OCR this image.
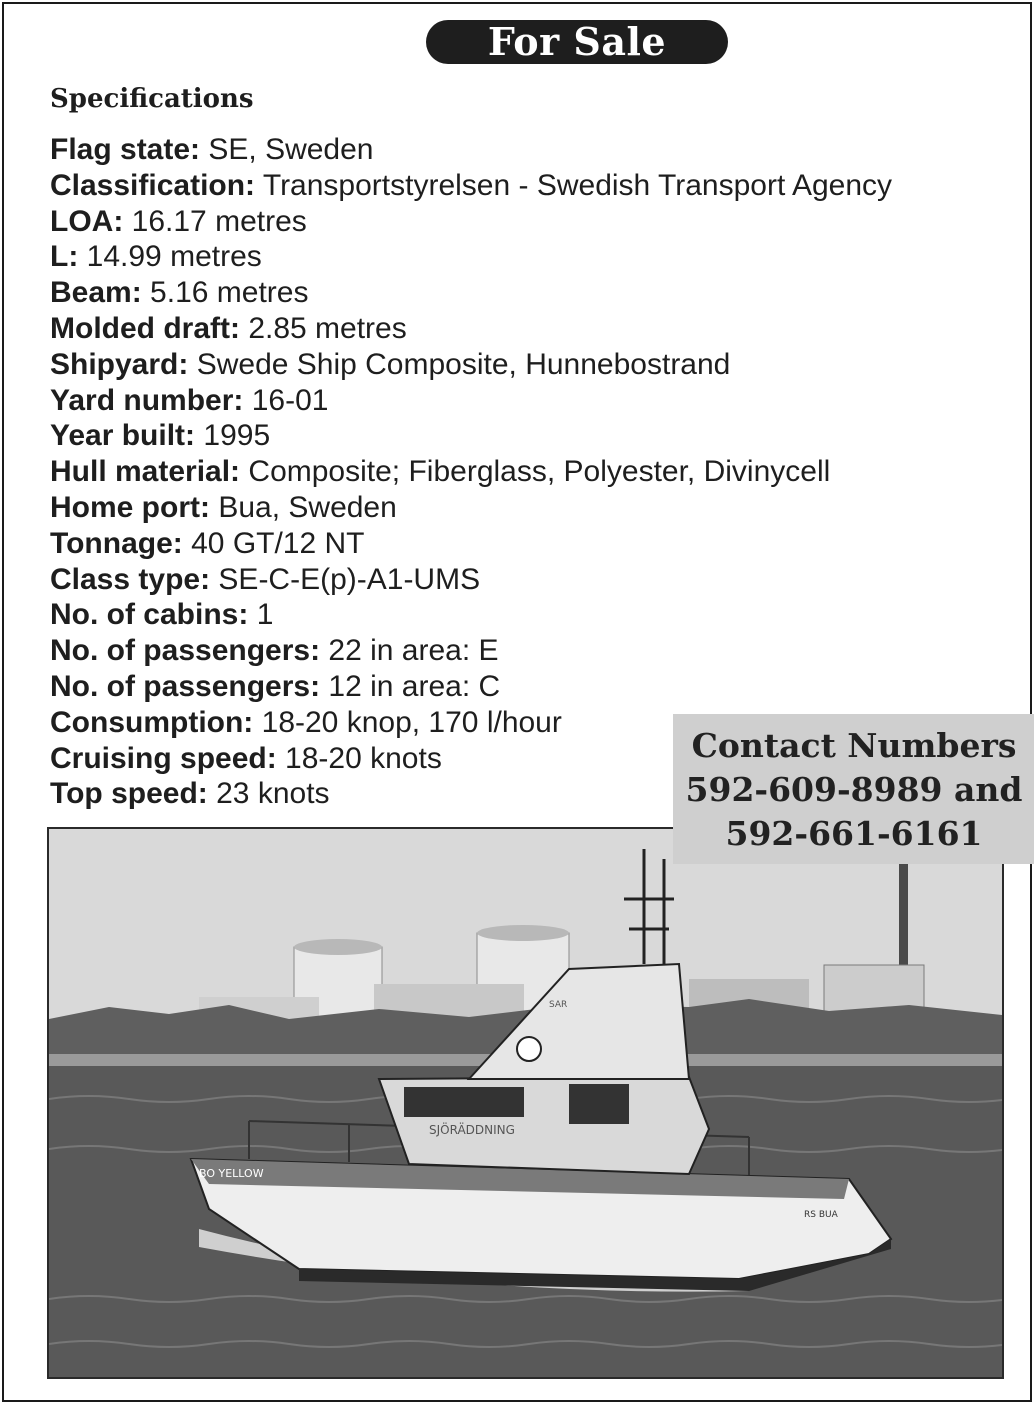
For Sale
Specifications
Flag state: SE, Sweden
Classification: Transportstyrelsen - Swedish Transport Agency
LOA: 16.17 metres
L: 14.99 metres
Beam: 5.16 metres
Molded draft: 2.85 metres
Shipyard: Swede Ship Composite, Hunnebostrand
Yard number: 16-01
Year built: 1995
Hull material: Composite; Fiberglass, Polyester, Divinycell
Home port: Bua, Sweden
Tonnage: 40 GT/12 NT
Class type: SE-C-E(p)-A1-UMS
No. of cabins: 1
No. of passengers: 22 in area: E
No. of passengers: 12 in area: C
Consumption: 18-20 knop, 170 l/hour
Cruising speed: 18-20 knots
Top speed: 23 knots
SJÖRÄDDNING
BO YELLOW
RS BUA
SAR
Contact Numbers
592-609-8989 and
592-661-6161
